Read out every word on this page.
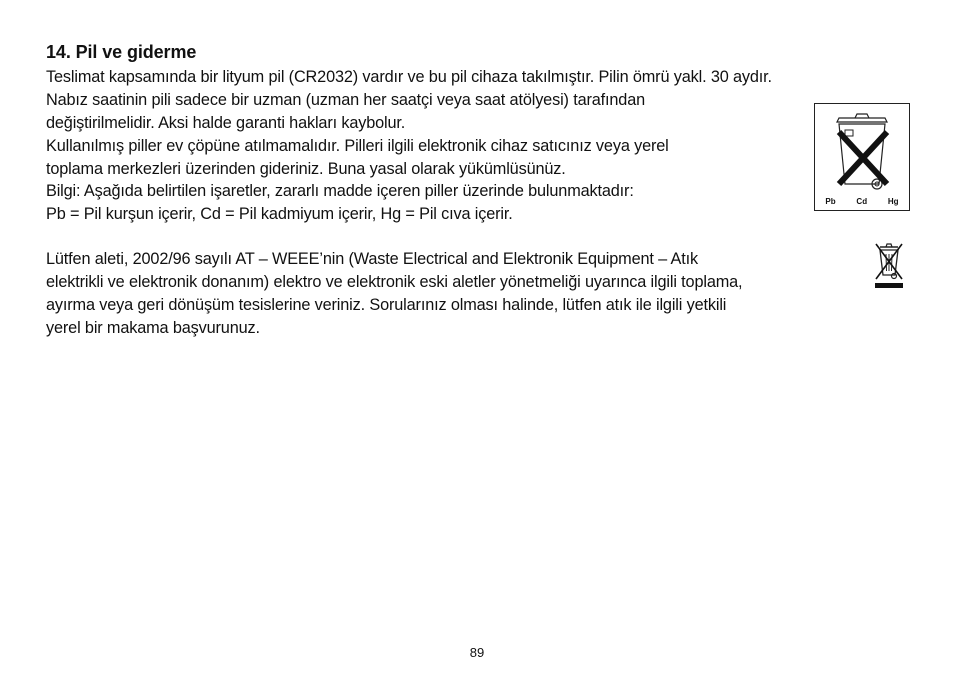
14. Pil ve giderme
Teslimat kapsamında bir lityum pil (CR2032) vardır ve bu pil cihaza takılmıştır. Pilin ömrü yakl. 30 aydır.
Nabız saatinin pili sadece bir uzman (uzman her saatçi veya saat atölyesi) tarafından
değiştirilmelidir. Aksi halde garanti hakları kaybolur.
Kullanılmış piller ev çöpüne atılmamalıdır. Pilleri ilgili elektronik cihaz satıcınız veya yerel
toplama merkezleri üzerinden gideriniz. Buna yasal olarak yükümlüsünüz.
Bilgi: Aşağıda belirtilen işaretler, zararlı madde içeren piller üzerinde bulunmaktadır:
Pb = Pil kurşun içerir, Cd = Pil kadmiyum içerir, Hg = Pil cıva içerir.
Lütfen aleti, 2002/96 sayılı AT – WEEE’nin (Waste Electrical and Elektronik Equipment – Atık
elektrikli ve elektronik donanım) elektro ve elektronik eski aletler yönetmeliği uyarınca ilgili toplama,
ayırma veya geri dönüşüm tesislerine veriniz. Sorularınız olması halinde, lütfen atık ile ilgili yetkili
yerel bir makama başvurunuz.
Pb	Cd	Hg
89
